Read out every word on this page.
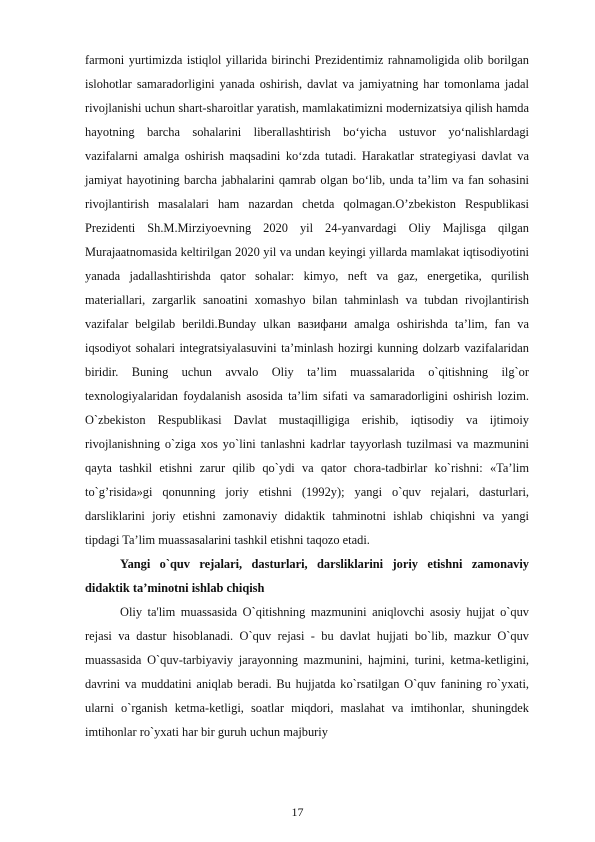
farmoni yurtimizda istiqlol yillarida birinchi Prezidentimiz rahnamoligida olib borilgan islohotlar samaradorligini yanada oshirish, davlat va jamiyatning har tomonlama jadal rivojlanishi uchun shart-sharoitlar yaratish, mamlakatimizni modernizatsiya qilish hamda hayotning barcha sohalarini liberallashtirish bo‘yicha ustuvor yo‘nalishlardagi vazifalarni amalga oshirish maqsadini ko‘zda tutadi. Harakatlar strategiyasi davlat va jamiyat hayotining barcha jabhalarini qamrab olgan bo‘lib, unda ta’lim va fan sohasini rivojlantirish masalalari ham nazardan chetda qolmagan.O’zbekiston Respublikasi Prezidenti Sh.M.Mirziyoevning 2020 yil 24-yanvardagi Oliy Majlisga qilgan Murajaatnomasida keltirilgan 2020 yil va undan keyingi yillarda mamlakat iqtisodiyotini yanada jadallashtirishda qator sohalar: kimyo, neft va gaz, energetika, qurilish materiallari, zargarlik sanoatini xomashyo bilan tahminlash va tubdan rivojlantirish vazifalar belgilab berildi.Bunday ulkan вазифани amalga oshirishda ta’lim, fan va iqsodiyot sohalari integratsiyalasuvini ta’minlash hozirgi kunning dolzarb vazifalaridan biridir. Buning uchun avvalo Oliy ta’lim muassalarida o`qitishning ilg`or texnologiyalaridan foydalanish asosida ta’lim sifati va samaradorligini oshirish lozim. O`zbekiston Respublikasi Davlat mustaqilligiga erishib, iqtisodiy va ijtimoiy rivojlanishning o`ziga xos yo`lini tanlashni kadrlar tayyorlash tuzilmasi va mazmunini qayta tashkil etishni zarur qilib qo`ydi va qator chora-tadbirlar ko`rishni: «Ta’lim to`g’risida»gi qonunning joriy etishni (1992y); yangi o`quv rejalari, dasturlari, darsliklarini joriy etishni zamonaviy didaktik tahminotni ishlab chiqishni va yangi tipdagi Ta’lim muassasalarini tashkil etishni taqozo etadi.

Yangi o`quv rejalari, dasturlari, darsliklarini joriy etishni zamonaviy didaktik ta’minotni ishlab chiqish

Oliy ta'lim muassasida O`qitishning mazmunini aniqlovchi asosiy hujjat o`quv rejasi va dastur hisoblanadi. O`quv rejasi - bu davlat hujjati bo`lib, mazkur O`quv muassasida O`quv-tarbiyaviy jarayonning mazmunini, hajmini, turini, ketma-ketligini, davrini va muddatini aniqlab beradi. Bu hujjatda ko`rsatilgan O`quv fanining ro`yxati, ularni o`rganish ketma-ketligi, soatlar miqdori, maslahat va imtihonlar, shuningdek imtihonlar ro`yxati har bir guruh uchun majburiy

17
